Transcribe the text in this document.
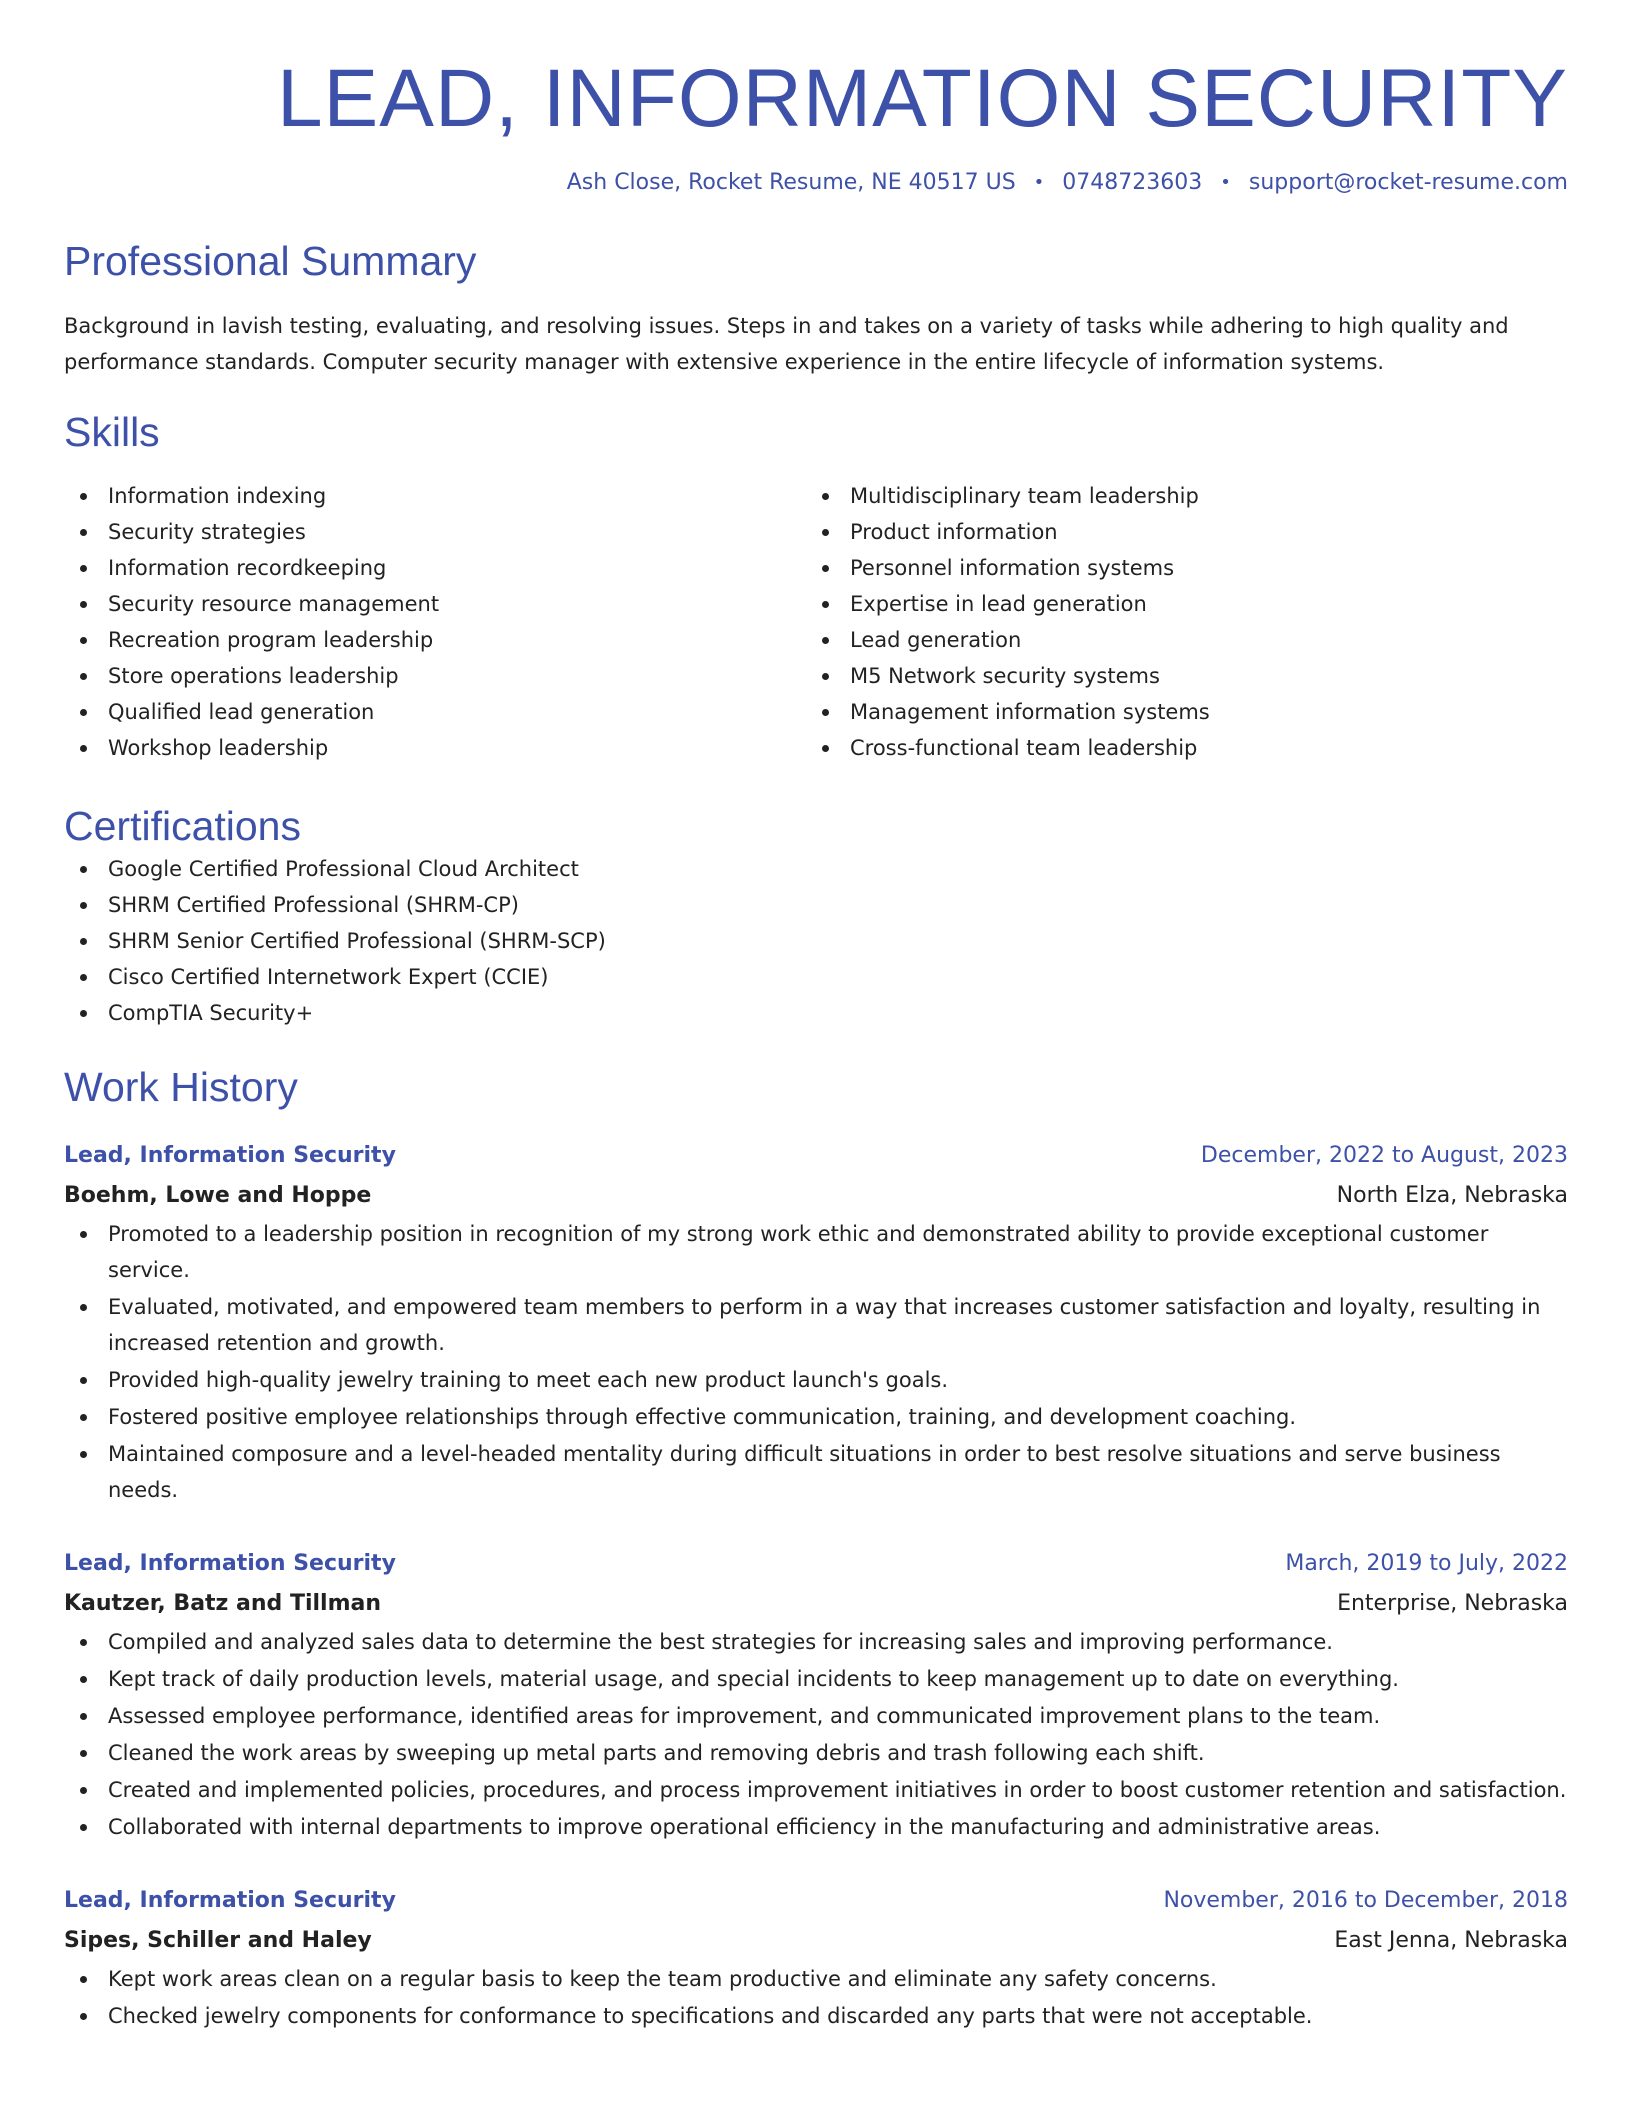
LEAD, INFORMATION SECURITY
Ash Close, Rocket Resume, NE 40517 US • 0748723603 • support@rocket-resume.com
Professional Summary
Background in lavish testing, evaluating, and resolving issues. Steps in and takes on a variety of tasks while adhering to high quality and performance standards. Computer security manager with extensive experience in the entire lifecycle of information systems.
Skills
Information indexing
Security strategies
Information recordkeeping
Security resource management
Recreation program leadership
Store operations leadership
Qualified lead generation
Workshop leadership
Multidisciplinary team leadership
Product information
Personnel information systems
Expertise in lead generation
Lead generation
M5 Network security systems
Management information systems
Cross-functional team leadership
Certifications
Google Certified Professional Cloud Architect
SHRM Certified Professional (SHRM-CP)
SHRM Senior Certified Professional (SHRM-SCP)
Cisco Certified Internetwork Expert (CCIE)
CompTIA Security+
Work History
Lead, Information Security	December, 2022 to August, 2023
Boehm, Lowe and Hoppe	North Elza, Nebraska
Promoted to a leadership position in recognition of my strong work ethic and demonstrated ability to provide exceptional customer service.
Evaluated, motivated, and empowered team members to perform in a way that increases customer satisfaction and loyalty, resulting in increased retention and growth.
Provided high-quality jewelry training to meet each new product launch's goals.
Fostered positive employee relationships through effective communication, training, and development coaching.
Maintained composure and a level-headed mentality during difficult situations in order to best resolve situations and serve business needs.
Lead, Information Security	March, 2019 to July, 2022
Kautzer, Batz and Tillman	Enterprise, Nebraska
Compiled and analyzed sales data to determine the best strategies for increasing sales and improving performance.
Kept track of daily production levels, material usage, and special incidents to keep management up to date on everything.
Assessed employee performance, identified areas for improvement, and communicated improvement plans to the team.
Cleaned the work areas by sweeping up metal parts and removing debris and trash following each shift.
Created and implemented policies, procedures, and process improvement initiatives in order to boost customer retention and satisfaction.
Collaborated with internal departments to improve operational efficiency in the manufacturing and administrative areas.
Lead, Information Security	November, 2016 to December, 2018
Sipes, Schiller and Haley	East Jenna, Nebraska
Kept work areas clean on a regular basis to keep the team productive and eliminate any safety concerns.
Checked jewelry components for conformance to specifications and discarded any parts that were not acceptable.
